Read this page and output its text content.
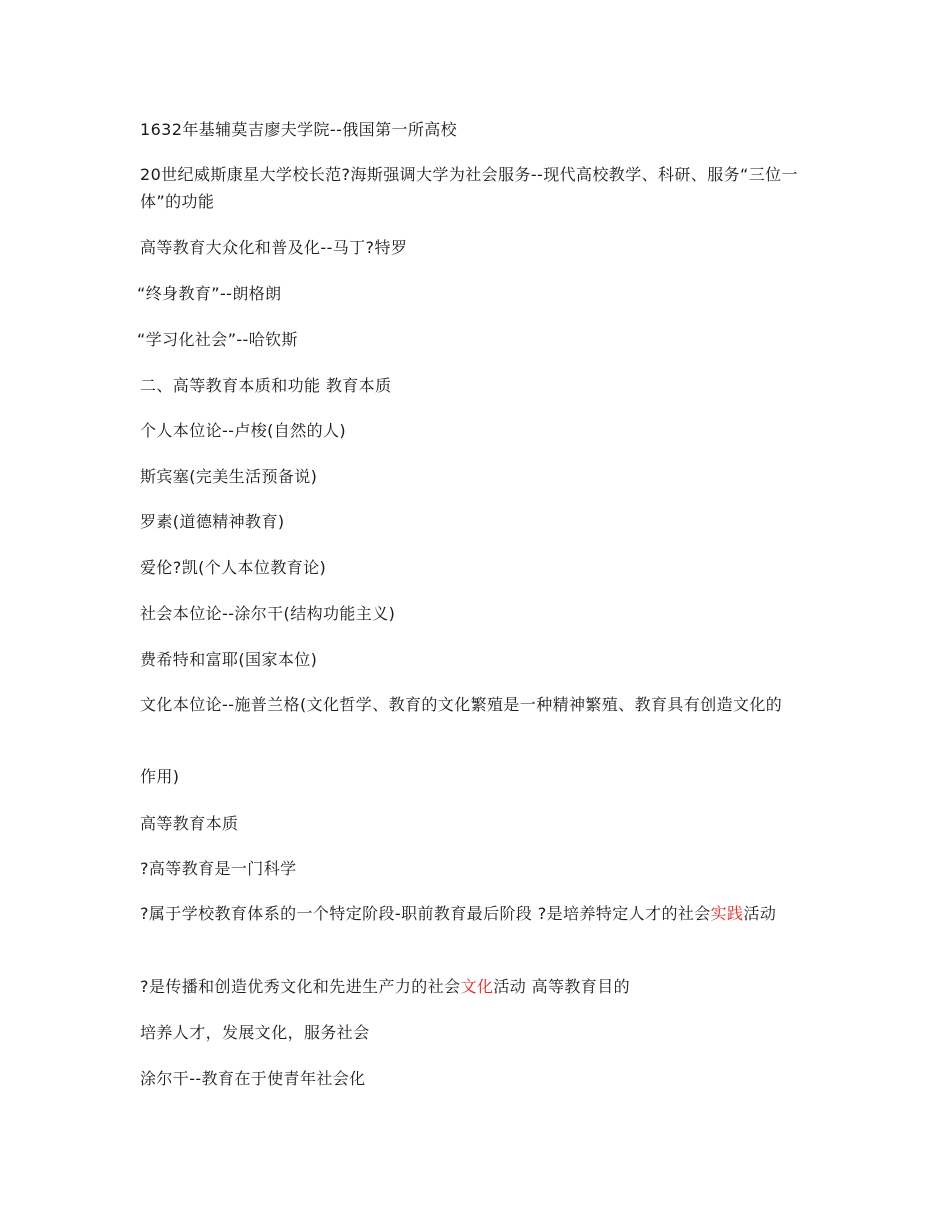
1632年基辅莫吉廖夫学院--俄国第一所高校
20世纪威斯康星大学校长范?海斯强调大学为社会服务--现代高校教学、科研、服务“三位一体”的功能
高等教育大众化和普及化--马丁?特罗
“终身教育”--朗格朗
“学习化社会”--哈钦斯
二、高等教育本质和功能 教育本质
个人本位论--卢梭(自然的人)
斯宾塞(完美生活预备说)
罗素(道德精神教育)
爱伦?凯(个人本位教育论)
社会本位论--涂尔干(结构功能主义)
费希特和富耶(国家本位)
文化本位论--施普兰格(文化哲学、教育的文化繁殖是一种精神繁殖、教育具有创造文化的
作用)
高等教育本质
?高等教育是一门科学
?属于学校教育体系的一个特定阶段-职前教育最后阶段 ?是培养特定人才的社会实践活动
?是传播和创造优秀文化和先进生产力的社会文化活动 高等教育目的
培养人才，发展文化，服务社会
涂尔干--教育在于使青年社会化
